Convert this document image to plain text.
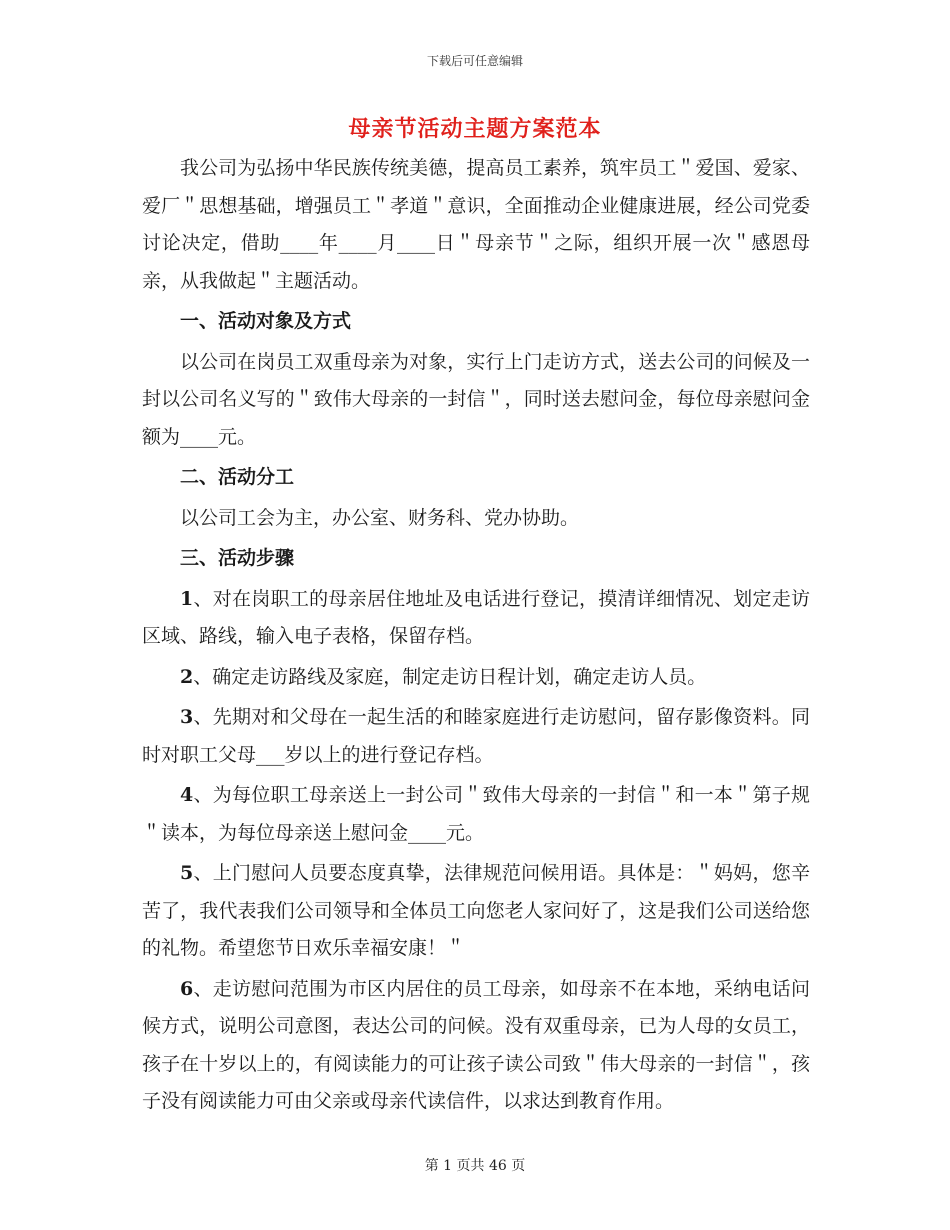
下载后可任意编辑
母亲节活动主题方案范本

我公司为弘扬中华民族传统美德，提高员工素养，筑牢员工＂爱国、爱家、爱厂＂思想基础，增强员工＂孝道＂意识，全面推动企业健康进展，经公司党委讨论决定，借助____年____月____日＂母亲节＂之际，组织开展一次＂感恩母亲，从我做起＂主题活动。

一、活动对象及方式

以公司在岗员工双重母亲为对象，实行上门走访方式，送去公司的问候及一封以公司名义写的＂致伟大母亲的一封信＂，同时送去慰问金，每位母亲慰问金额为____元。

二、活动分工

以公司工会为主，办公室、财务科、党办协助。

三、活动步骤

1、对在岗职工的母亲居住地址及电话进行登记，摸清详细情况、划定走访区域、路线，输入电子表格，保留存档。

2、确定走访路线及家庭，制定走访日程计划，确定走访人员。

3、先期对和父母在一起生活的和睦家庭进行走访慰问，留存影像资料。同时对职工父母___岁以上的进行登记存档。

4、为每位职工母亲送上一封公司＂致伟大母亲的一封信＂和一本＂第子规＂读本，为每位母亲送上慰问金____元。

5、上门慰问人员要态度真挚，法律规范问候用语。具体是：＂妈妈，您辛苦了，我代表我们公司领导和全体员工向您老人家问好了，这是我们公司送给您的礼物。希望您节日欢乐幸福安康！＂

6、走访慰问范围为市区内居住的员工母亲，如母亲不在本地，采纳电话问候方式，说明公司意图，表达公司的问候。没有双重母亲，已为人母的女员工，孩子在十岁以上的，有阅读能力的可让孩子读公司致＂伟大母亲的一封信＂，孩子没有阅读能力可由父亲或母亲代读信件，以求达到教育作用。

第 1 页共 46 页
